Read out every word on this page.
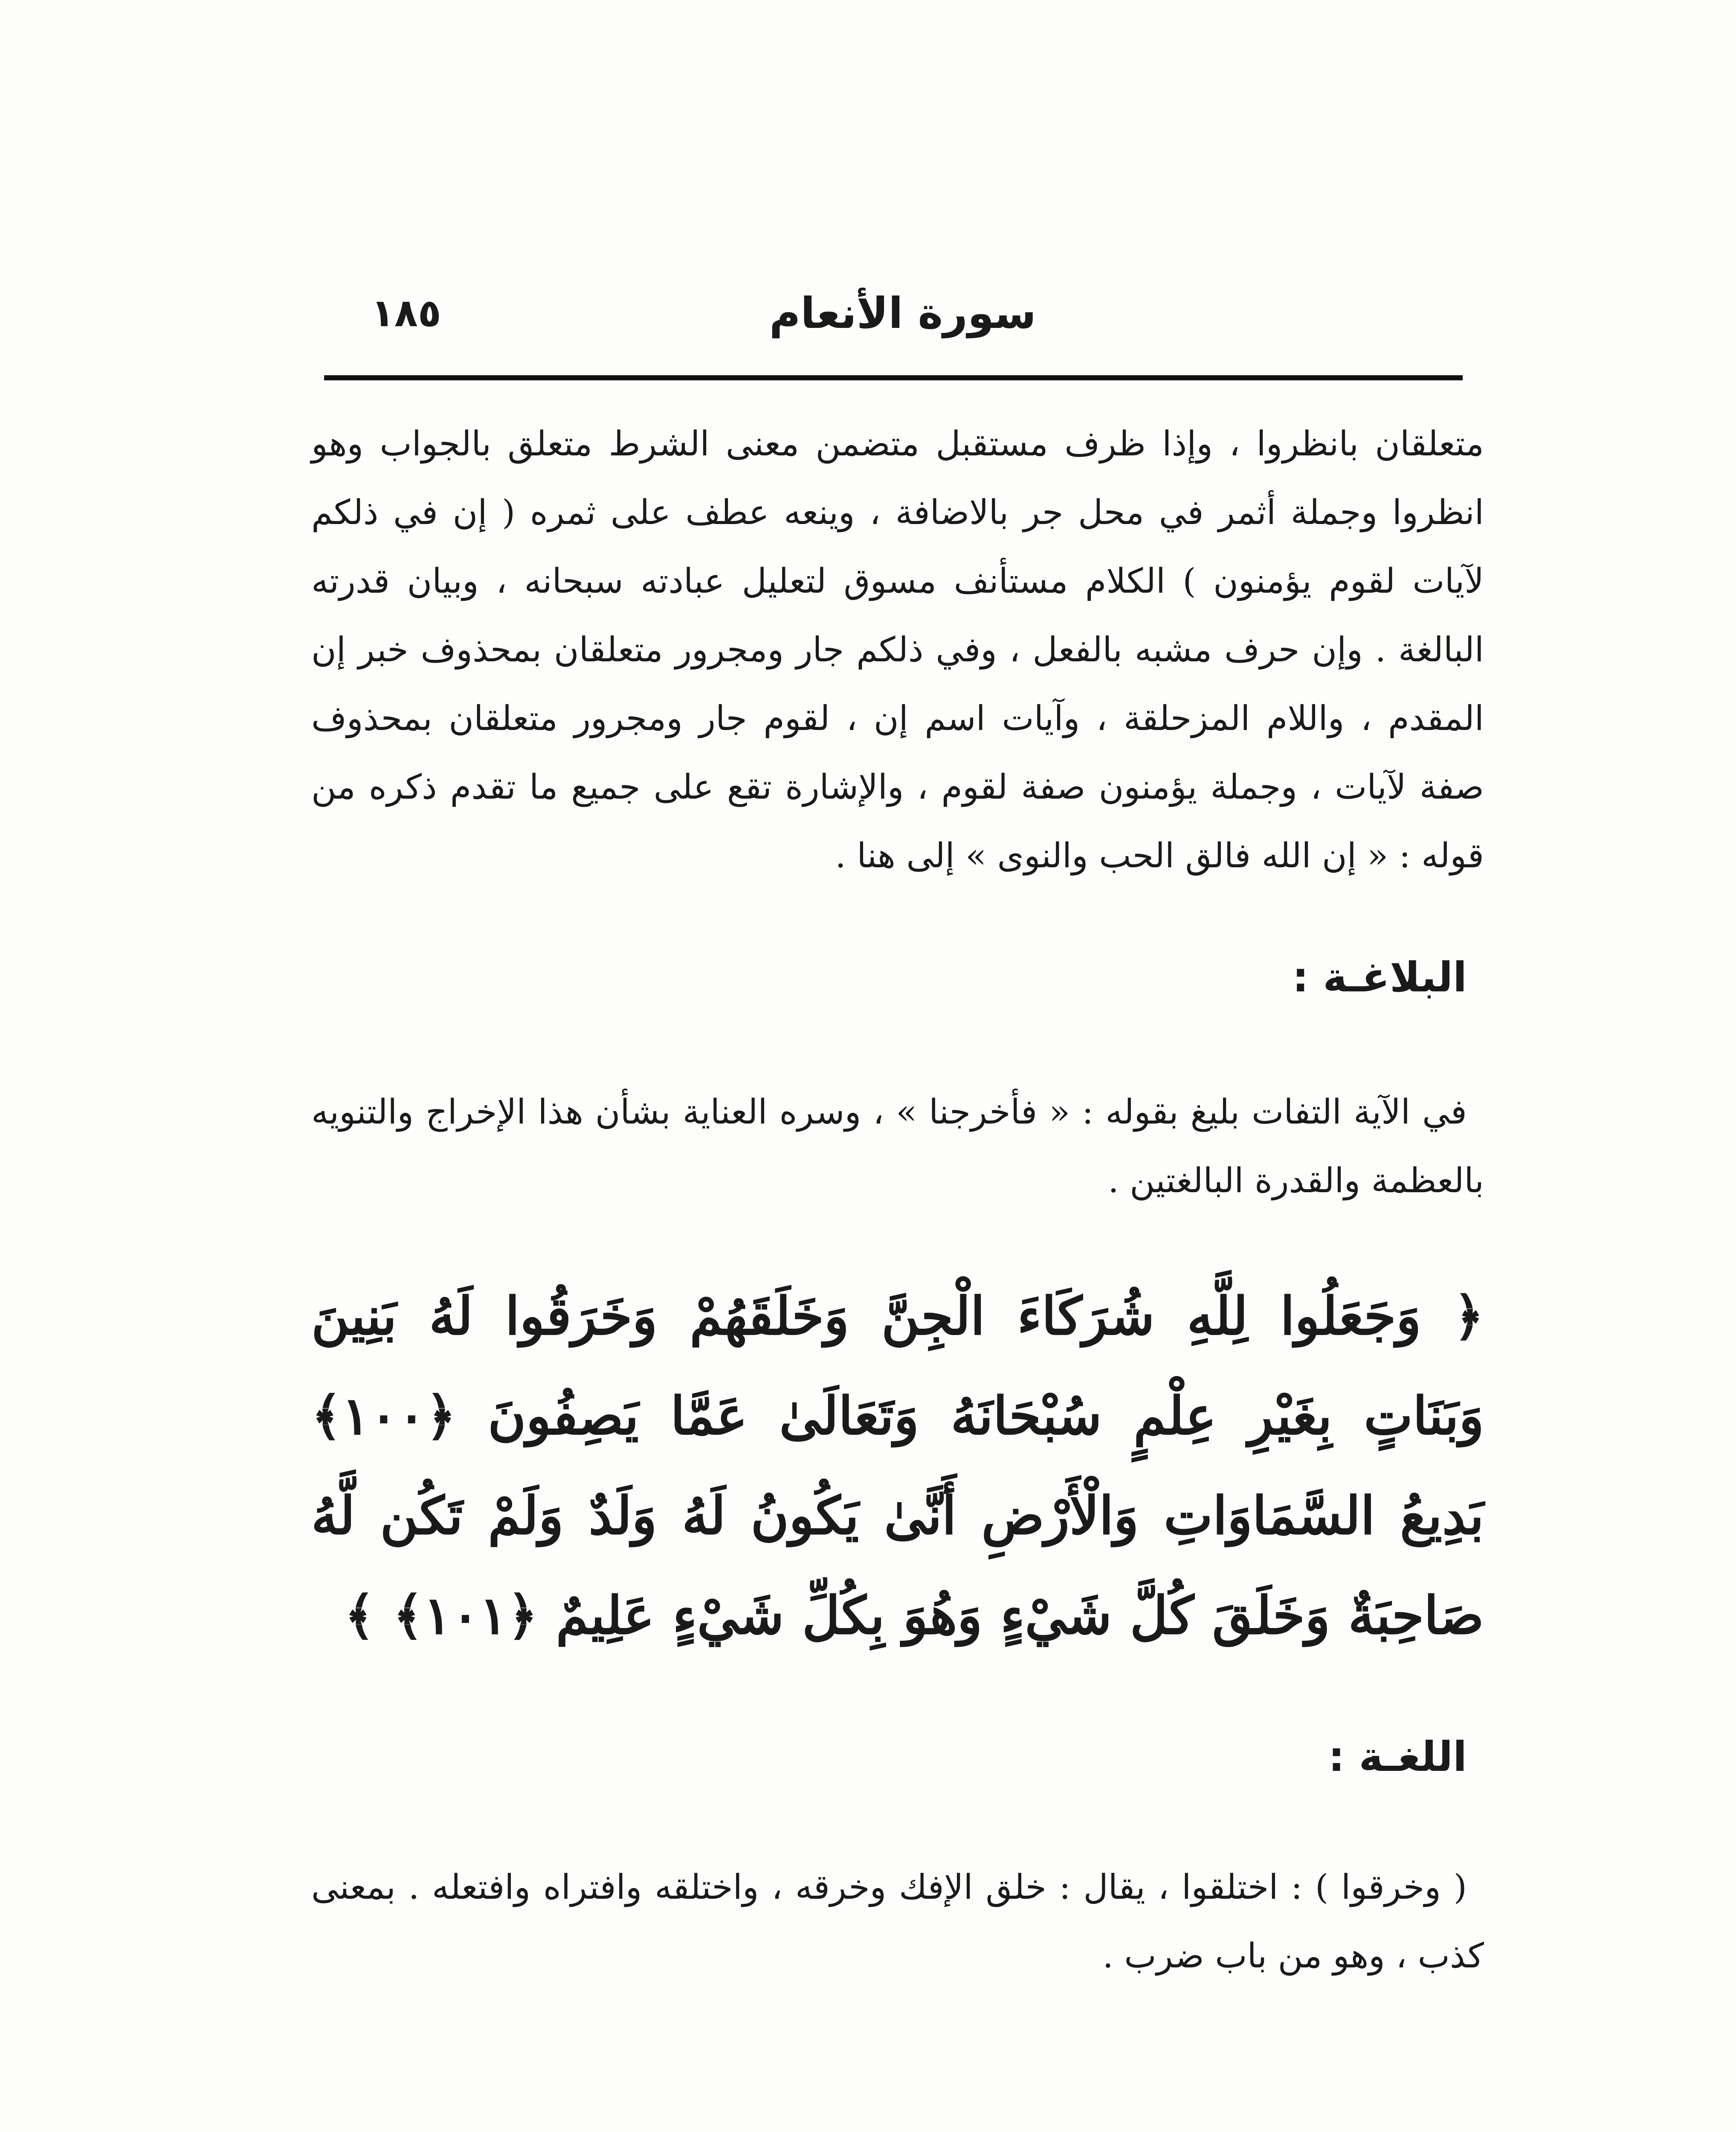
سورة الأنعام
١٨٥

متعلقان بانظروا ، وإذا ظرف مستقبل متضمن معنى الشرط متعلق بالجواب وهو انظروا وجملة أثمر في محل جر بالاضافة ، وينعه عطف على ثمره ( إن في ذلكم لآيات لقوم يؤمنون ) الكلام مستأنف مسوق لتعليل عبادته سبحانه ، وبيان قدرته البالغة . وإن حرف مشبه بالفعل ، وفي ذلكم جار ومجرور متعلقان بمحذوف خبر إن المقدم ، واللام المزحلقة ، وآيات اسم إن ، لقوم جار ومجرور متعلقان بمحذوف صفة لآيات ، وجملة يؤمنون صفة لقوم ، والإشارة تقع على جميع ما تقدم ذكره من قوله : « إن الله فالق الحب والنوى » إلى هنا .

البلاغـة :

في الآية التفات بليغ بقوله : « فأخرجنا » ، وسره العناية بشأن هذا الإخراج والتنويه بالعظمة والقدرة البالغتين .

﴿ وَجَعَلُوا لِلَّهِ شُرَكَاءَ الْجِنَّ وَخَلَقَهُمْ وَخَرَقُوا لَهُ بَنِينَ وَبَنَاتٍ بِغَيْرِ عِلْمٍ سُبْحَانَهُ وَتَعَالَىٰ عَمَّا يَصِفُونَ ﴿١٠٠﴾ بَدِيعُ السَّمَاوَاتِ وَالْأَرْضِ أَنَّىٰ يَكُونُ لَهُ وَلَدٌ وَلَمْ تَكُن لَّهُ صَاحِبَةٌ وَخَلَقَ كُلَّ شَيْءٍ وَهُوَ بِكُلِّ شَيْءٍ عَلِيمٌ ﴿١٠١﴾ ﴾

اللغـة :

( وخرقوا ) : اختلقوا ، يقال : خلق الإفك وخرقه ، واختلقه وافتراه وافتعله . بمعنى كذب ، وهو من باب ضرب .
